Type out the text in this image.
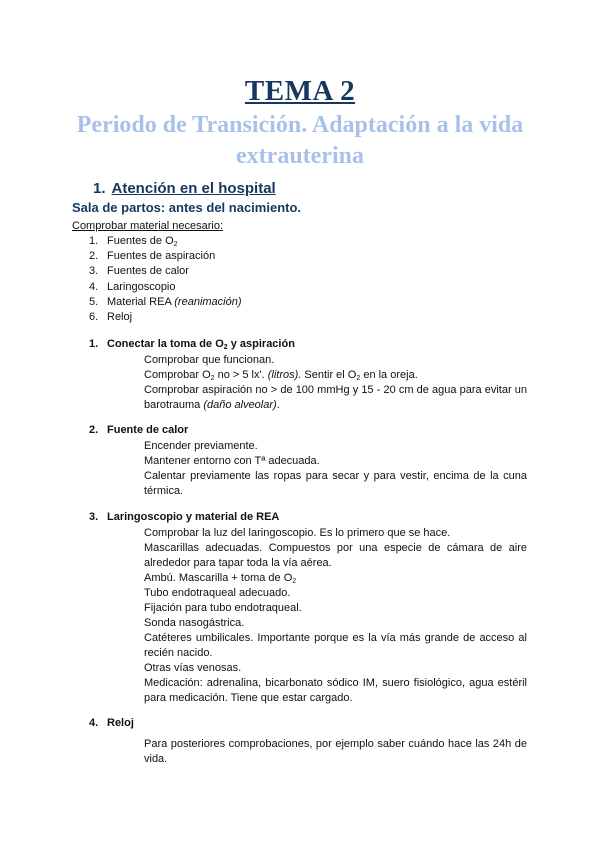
TEMA 2
Periodo de Transición. Adaptación a la vida extrauterina
1. Atención en el hospital
Sala de partos: antes del nacimiento.
Comprobar material necesario:
1. Fuentes de $O_2$
2. Fuentes de aspiración
3. Fuentes de calor
4. Laringoscopio
5. Material REA (reanimación)
6. Reloj
1. Conectar la toma de $O_2$ y aspiración
Comprobar que funcionan.
Comprobar $O_2$ no > 5 lx'. (litros). Sentir el $O_2$ en la oreja.
Comprobar aspiración no > de 100 mmHg y 15 - 20 cm de agua para evitar un barotrauma (daño alveolar).
2. Fuente de calor
Encender previamente.
Mantener entorno con Tª adecuada.
Calentar previamente las ropas para secar y para vestir, encima de la cuna térmica.
3. Laringoscopio y material de REA
Comprobar la luz del laringoscopio. Es lo primero que se hace.
Mascarillas adecuadas. Compuestos por una especie de cámara de aire alrededor para tapar toda la vía aérea.
Ambú. Mascarilla + toma de $O_2$
Tubo endotraqueal adecuado.
Fijación para tubo endotraqueal.
Sonda nasogástrica.
Catéteres umbilicales. Importante porque es la vía más grande de acceso al recién nacido.
Otras vías venosas.
Medicación: adrenalina, bicarbonato sódico IM, suero fisiológico, agua estéril para medicación. Tiene que estar cargado.
4. Reloj
Para posteriores comprobaciones, por ejemplo saber cuándo hace las 24h de vida.
